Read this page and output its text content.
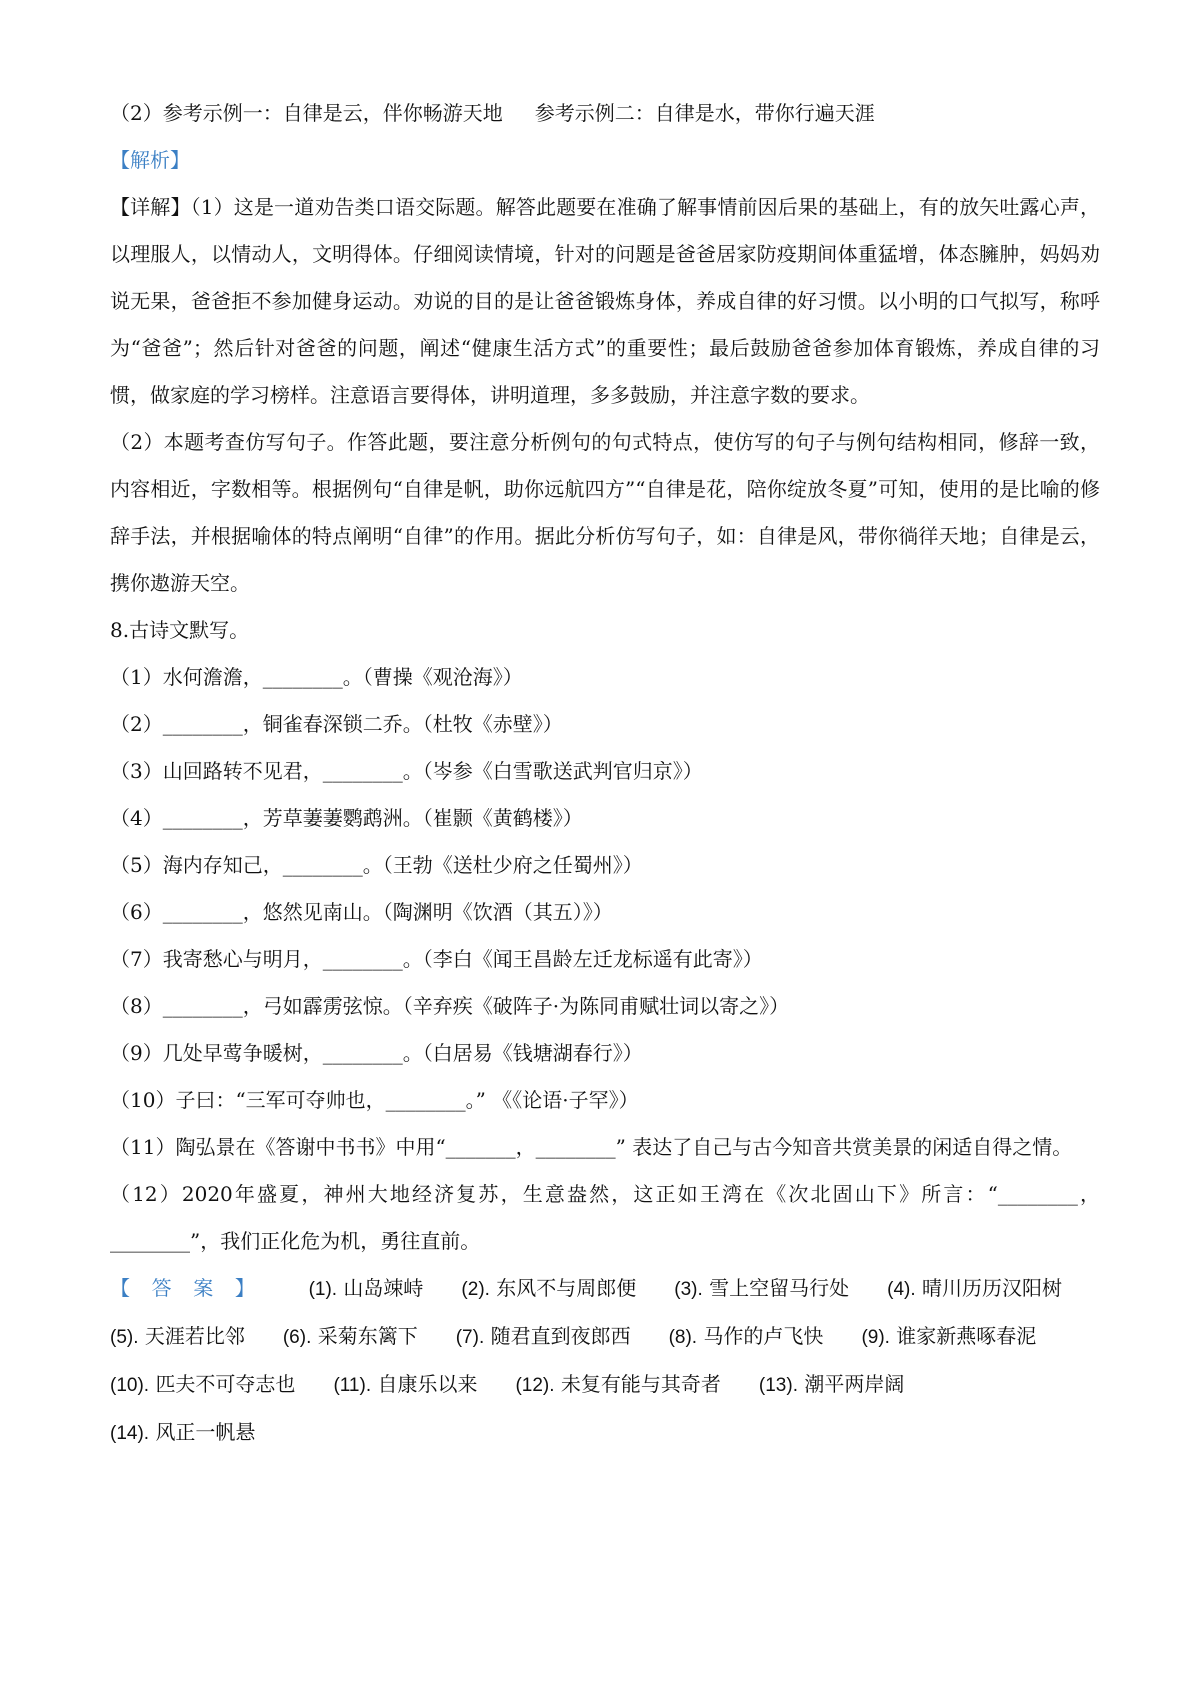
（2）参考示例一：自律是云，伴你畅游天地 参考示例二：自律是水，带你行遍天涯

【解析】

【详解】（1）这是一道劝告类口语交际题。解答此题要在准确了解事情前因后果的基础上，有的放矢吐露心声，以理服人，以情动人，文明得体。仔细阅读情境，针对的问题是爸爸居家防疫期间体重猛增，体态臃肿，妈妈劝说无果，爸爸拒不参加健身运动。劝说的目的是让爸爸锻炼身体，养成自律的好习惯。以小明的口气拟写，称呼为“爸爸”；然后针对爸爸的问题，阐述“健康生活方式”的重要性；最后鼓励爸爸参加体育锻炼，养成自律的习惯，做家庭的学习榜样。注意语言要得体，讲明道理，多多鼓励，并注意字数的要求。

（2）本题考查仿写句子。作答此题，要注意分析例句的句式特点，使仿写的句子与例句结构相同，修辞一致，内容相近，字数相等。根据例句“自律是帆，助你远航四方”“自律是花，陪你绽放冬夏”可知，使用的是比喻的修辞手法，并根据喻体的特点阐明“自律”的作用。据此分析仿写句子，如：自律是风，带你徜徉天地；自律是云，携你遨游天空。

8.古诗文默写。

（1）水何澹澹，________。（曹操《观沧海》）

（2）________，铜雀春深锁二乔。（杜牧《赤壁》）

（3）山回路转不见君，________。（岑参《白雪歌送武判官归京》）

（4）________，芳草萋萋鹦鹉洲。（崔颢《黄鹤楼》）

（5）海内存知己，________。（王勃《送杜少府之任蜀州》）

（6）________，悠然见南山。（陶渊明《饮酒（其五）》）

（7）我寄愁心与明月，________。（李白《闻王昌龄左迁龙标遥有此寄》）

（8）________，弓如霹雳弦惊。（辛弃疾《破阵子·为陈同甫赋壮词以寄之》）

（9）几处早莺争暖树，________。（白居易《钱塘湖春行》）

（10）子曰：“三军可夺帅也，________。” 《《论语·子罕》）

（11）陶弘景在《答谢中书书》中用“_______，________” 表达了自己与古今知音共赏美景的闲适自得之情。

（12）2020年盛夏，神州大地经济复苏，生意盎然，这正如王湾在《次北固山下》所言：“________，________”，我们正化危为机，勇往直前。

【答案】 (1). 山岛竦峙 (2). 东风不与周郎便 (3). 雪上空留马行处 (4). 晴川历历汉阳树(5). 天涯若比邻 (6). 采菊东篱下 (7). 随君直到夜郎西 (8). 马作的卢飞快 (9). 谁家新燕啄春泥(10). 匹夫不可夺志也 (11). 自康乐以来 (12). 未复有能与其奇者 (13). 潮平两岸阔(14). 风正一帆悬
